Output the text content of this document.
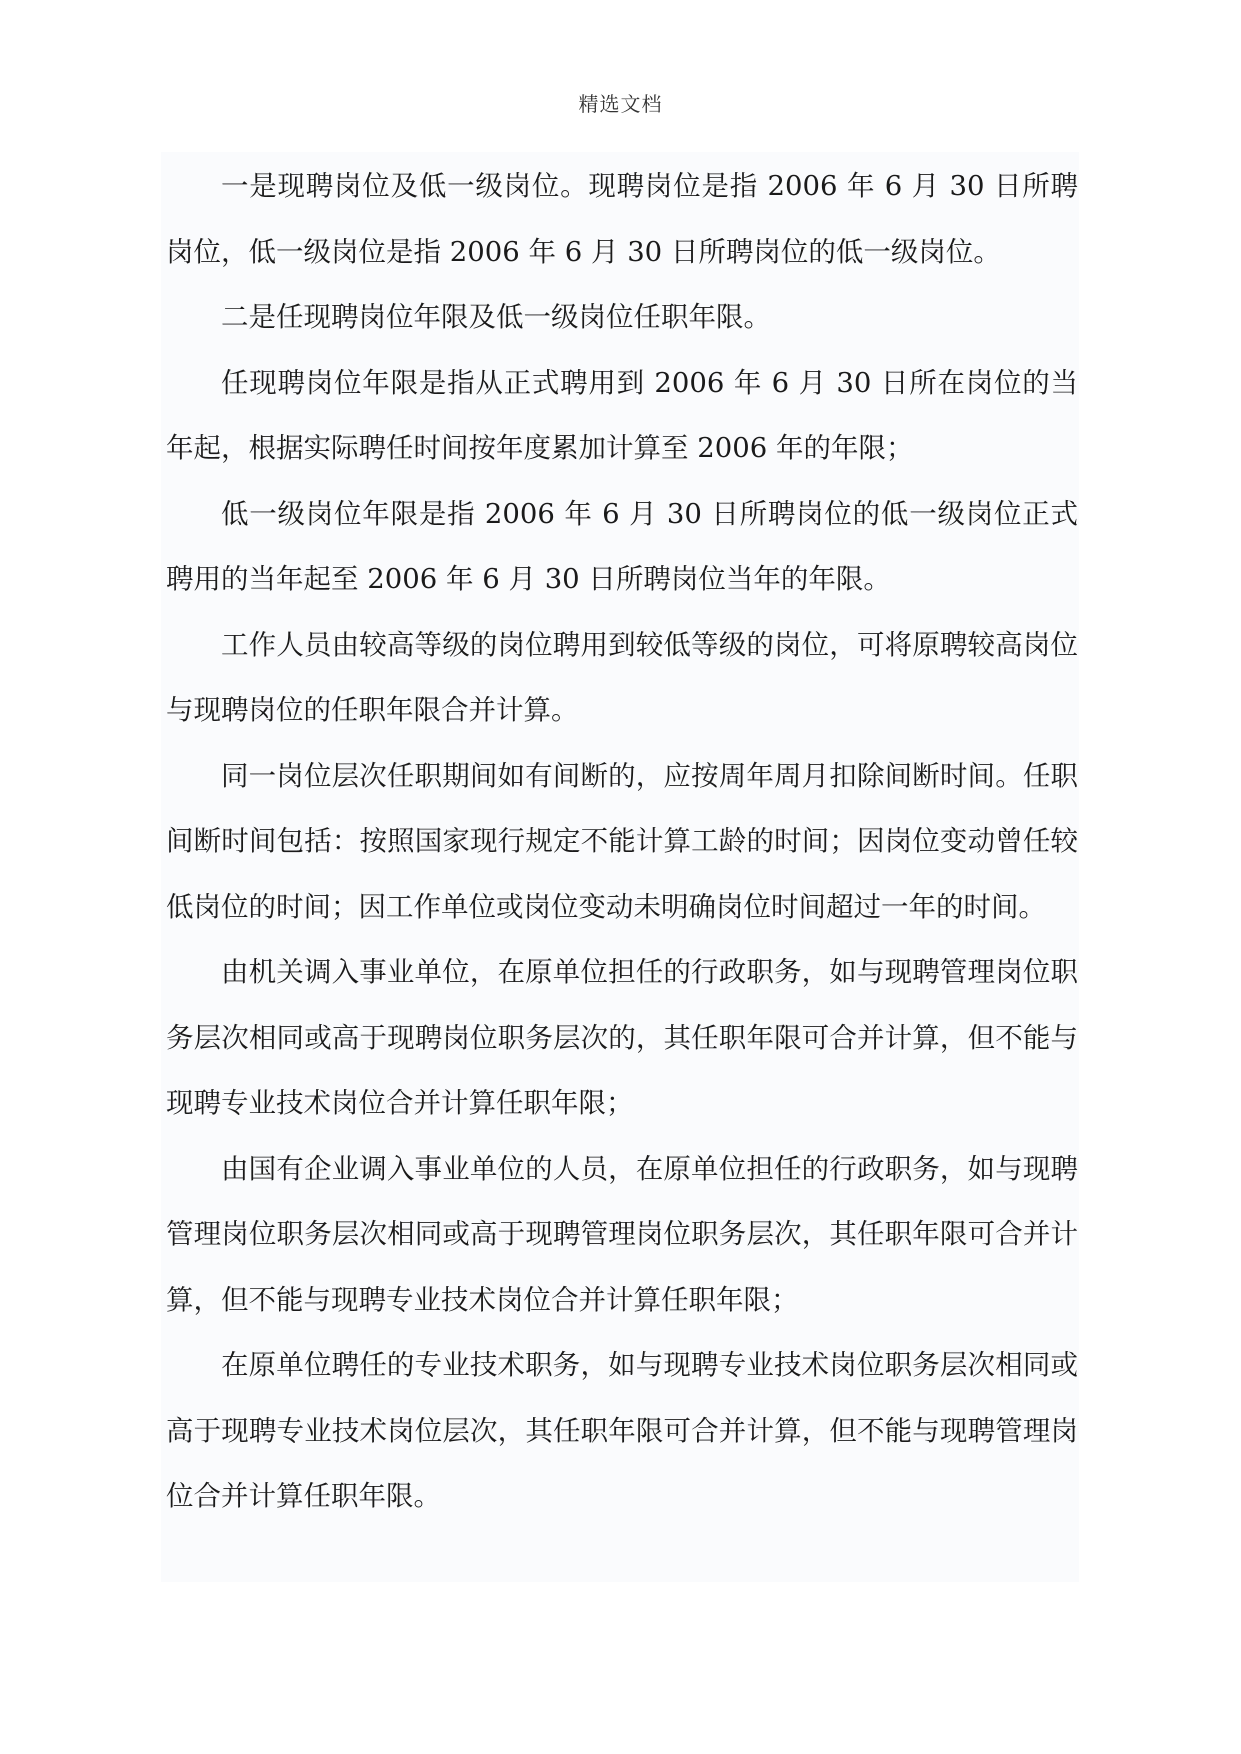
精选文档

一是现聘岗位及低一级岗位。现聘岗位是指 2006 年 6 月 30 日所聘岗位，低一级岗位是指 2006 年 6 月 30 日所聘岗位的低一级岗位。

二是任现聘岗位年限及低一级岗位任职年限。

任现聘岗位年限是指从正式聘用到 2006 年 6 月 30 日所在岗位的当年起，根据实际聘任时间按年度累加计算至 2006 年的年限；

低一级岗位年限是指 2006 年 6 月 30 日所聘岗位的低一级岗位正式聘用的当年起至 2006 年 6 月 30 日所聘岗位当年的年限。

工作人员由较高等级的岗位聘用到较低等级的岗位，可将原聘较高岗位与现聘岗位的任职年限合并计算。

同一岗位层次任职期间如有间断的，应按周年周月扣除间断时间。任职间断时间包括：按照国家现行规定不能计算工龄的时间；因岗位变动曾任较低岗位的时间；因工作单位或岗位变动未明确岗位时间超过一年的时间。

由机关调入事业单位，在原单位担任的行政职务，如与现聘管理岗位职务层次相同或高于现聘岗位职务层次的，其任职年限可合并计算，但不能与现聘专业技术岗位合并计算任职年限；

由国有企业调入事业单位的人员，在原单位担任的行政职务，如与现聘管理岗位职务层次相同或高于现聘管理岗位职务层次，其任职年限可合并计算，但不能与现聘专业技术岗位合并计算任职年限；

在原单位聘任的专业技术职务，如与现聘专业技术岗位职务层次相同或高于现聘专业技术岗位层次，其任职年限可合并计算，但不能与现聘管理岗位合并计算任职年限。
